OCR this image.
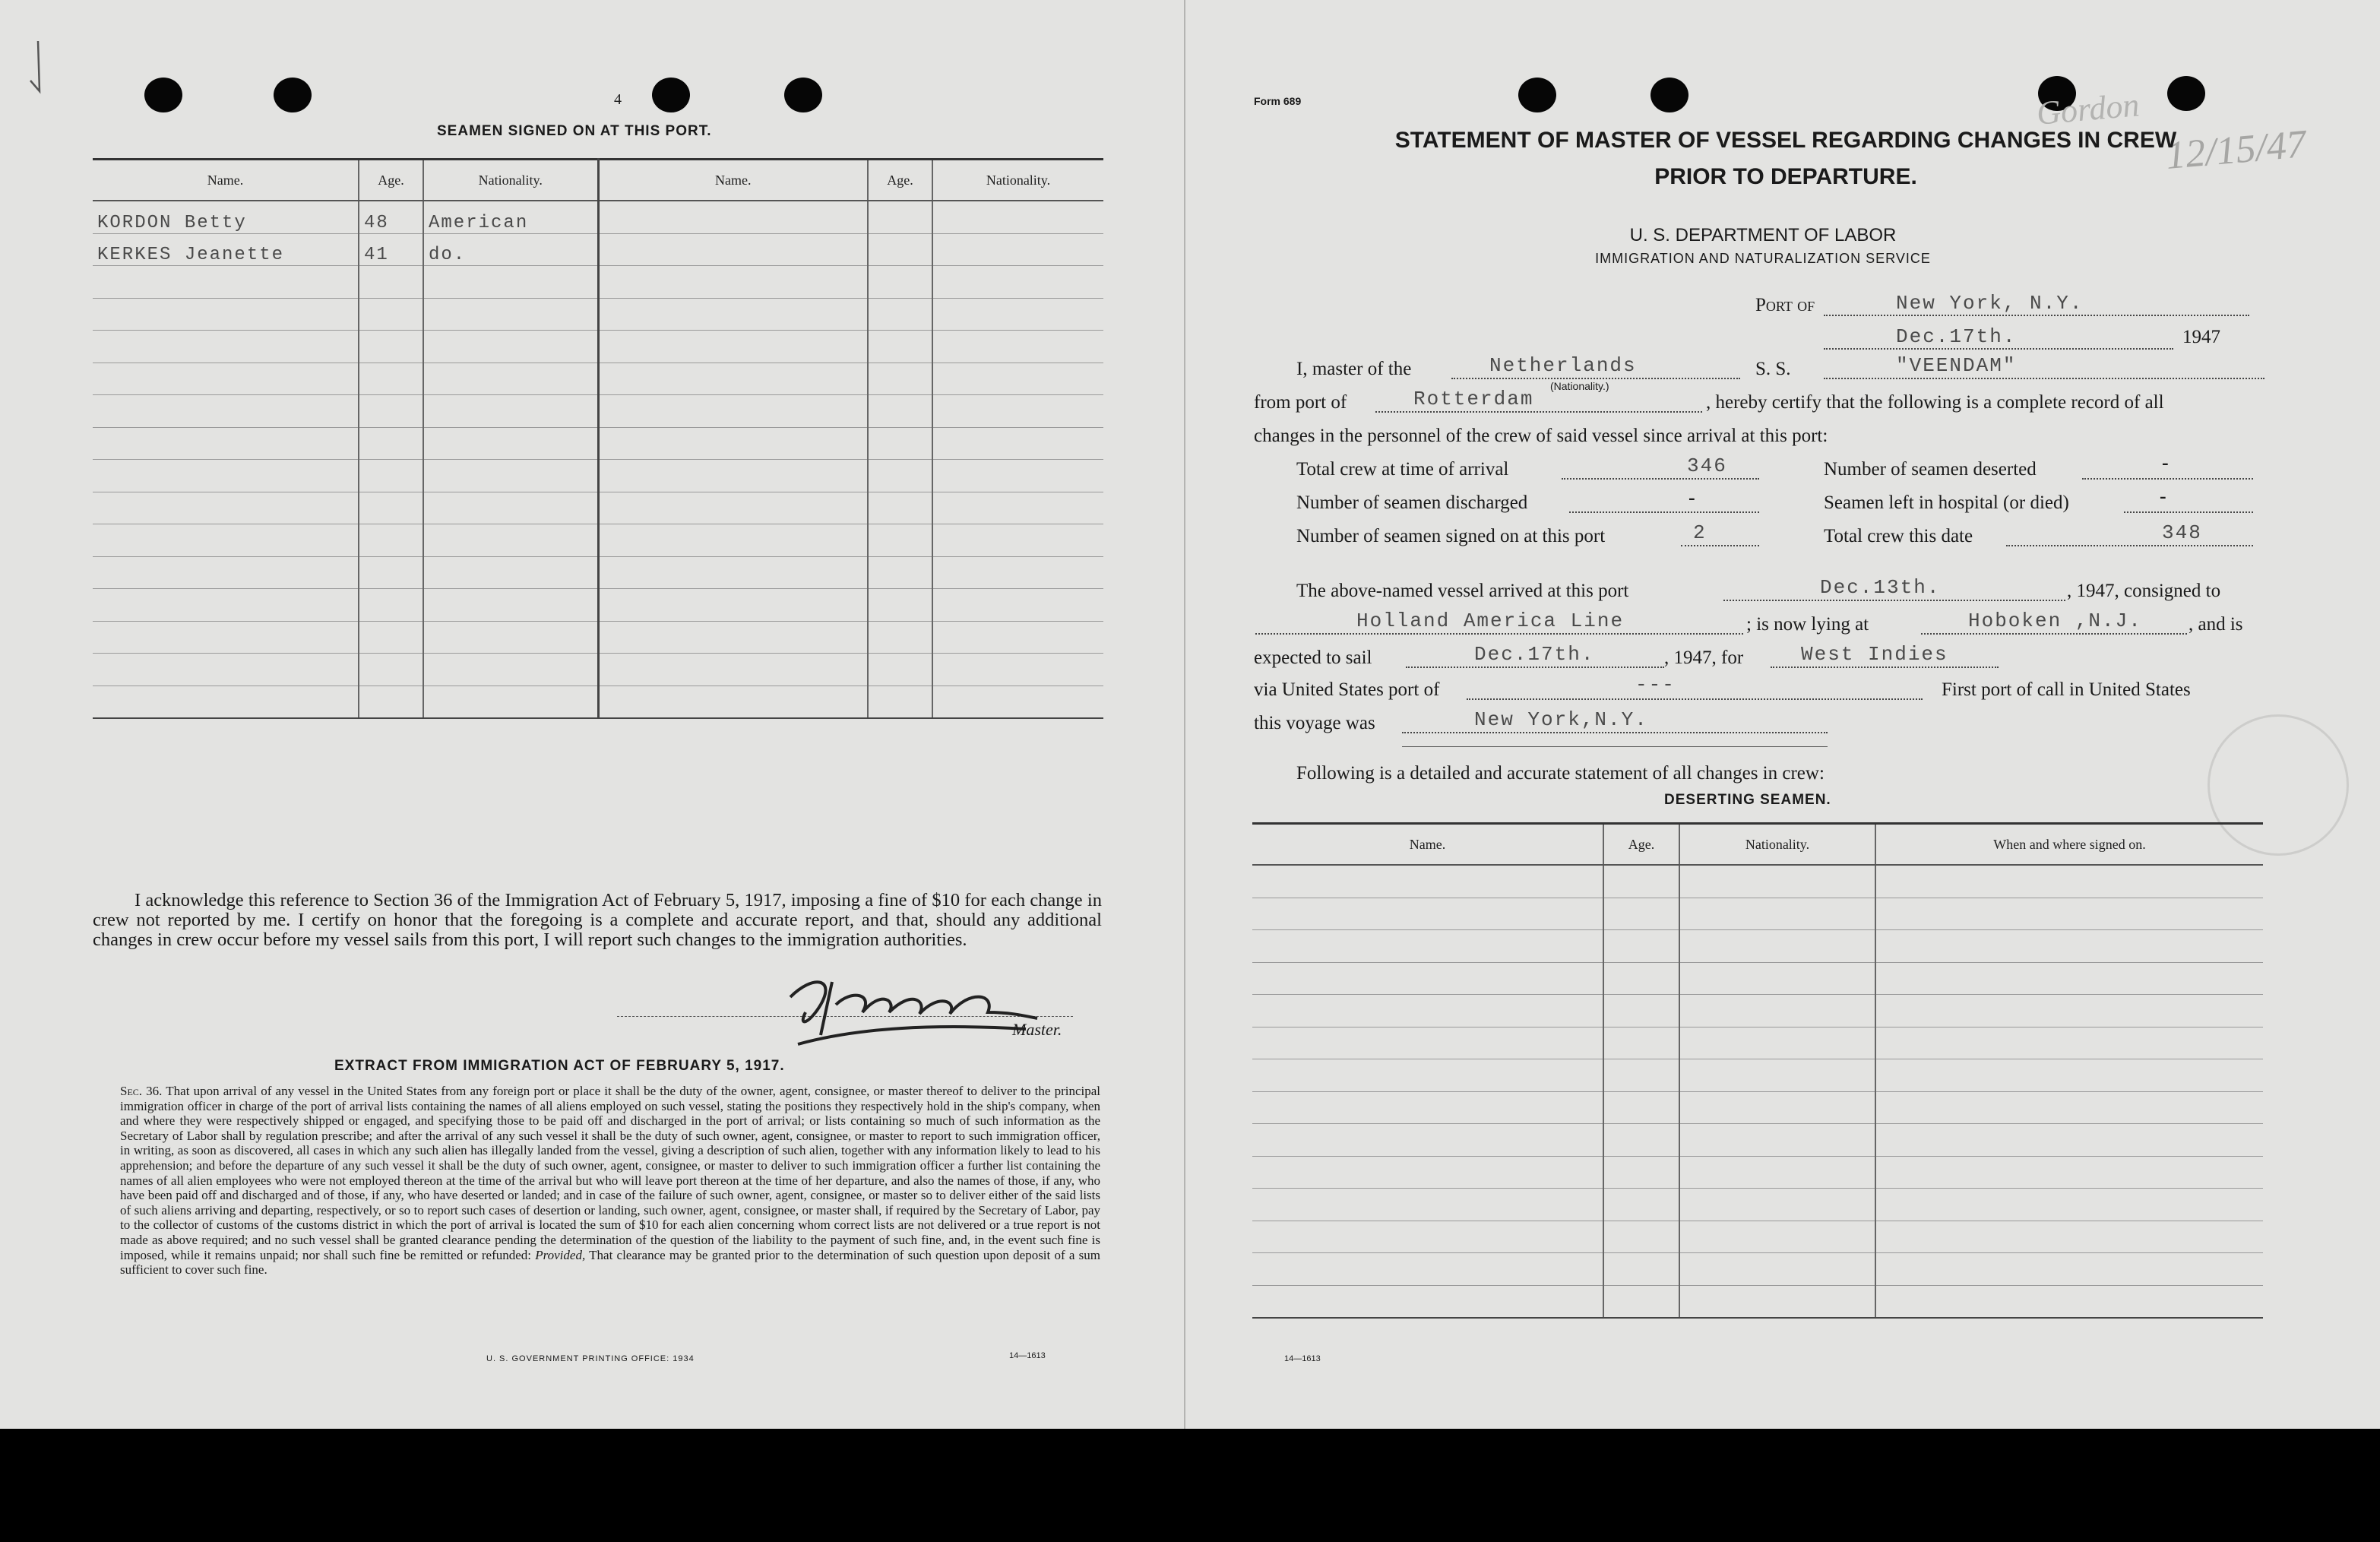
4
SEAMEN SIGNED ON AT THIS PORT.
Name.	Age.	Nationality.	Name.	Age.	Nationality.
KORDON Betty	48	American			
KERKES Jeanette	41	do.			

I acknowledge this reference to Section 36 of the Immigration Act of February 5, 1917, imposing a fine of $10 for each change in crew not reported by me. I certify on honor that the foregoing is a complete and accurate report, and that, should any additional changes in crew occur before my vessel sails from this port, I will report such changes to the immigration authorities.
Master.
EXTRACT FROM IMMIGRATION ACT OF FEBRUARY 5, 1917.
Sec. 36. That upon arrival of any vessel in the United States from any foreign port or place it shall be the duty of the owner, agent, consignee, or master thereof to deliver to the principal immigration officer in charge of the port of arrival lists containing the names of all aliens employed on such vessel, stating the positions they respectively hold in the ship's company, when and where they were respectively shipped or engaged, and specifying those to be paid off and discharged in the port of arrival; or lists containing so much of such information as the Secretary of Labor shall by regulation prescribe; and after the arrival of any such vessel it shall be the duty of such owner, agent, consignee, or master to report to such immigration officer, in writing, as soon as discovered, all cases in which any such alien has illegally landed from the vessel, giving a description of such alien, together with any information likely to lead to his apprehension; and before the departure of any such vessel it shall be the duty of such owner, agent, consignee, or master to deliver to such immigration officer a further list containing the names of all alien employees who were not employed thereon at the time of the arrival but who will leave port thereon at the time of her departure, and also the names of those, if any, who have been paid off and discharged and of those, if any, who have deserted or landed; and in case of the failure of such owner, agent, consignee, or master so to deliver either of the said lists of such aliens arriving and departing, respectively, or so to report such cases of desertion or landing, such owner, agent, consignee, or master shall, if required by the Secretary of Labor, pay to the collector of customs of the customs district in which the port of arrival is located the sum of $10 for each alien concerning whom correct lists are not delivered or a true report is not made as above required; and no such vessel shall be granted clearance pending the determination of the question of the liability to the payment of such fine, and, in the event such fine is imposed, while it remains unpaid; nor shall such fine be remitted or refunded: Provided, That clearance may be granted prior to the determination of such question upon deposit of a sum sufficient to cover such fine.
U. S. GOVERNMENT PRINTING OFFICE: 1934	14—1613
Form 689	Gordon
12/15/47
STATEMENT OF MASTER OF VESSEL REGARDING CHANGES IN CREW
PRIOR TO DEPARTURE.
U. S. DEPARTMENT OF LABOR
IMMIGRATION AND NATURALIZATION SERVICE
Port of	New York, N.Y.
Dec.17th.	1947
I, master of the	Netherlands
(Nationality.)
S. S.	"VEENDAM"
from port of	Rotterdam	, hereby certify that the following is a complete record of all
changes in the personnel of the crew of said vessel since arrival at this port:
Total crew at time of arrival	346	Number of seamen deserted	-
Number of seamen discharged	-	Seamen left in hospital (or died)	-
Number of seamen signed on at this port	2	Total crew this date	348
The above-named vessel arrived at this port	Dec.13th.	, 1947, consigned to
Holland America Line	; is now lying at	Hoboken ,N.J. , and is
expected to sail	Dec.17th.	, 1947, for	West Indies
via United States port of	---	First port of call in United States
this voyage was	New York,N.Y.
Following is a detailed and accurate statement of all changes in crew:
DESERTING SEAMEN.
Name.	Age.	Nationality.	When and where signed on.

14—1613
